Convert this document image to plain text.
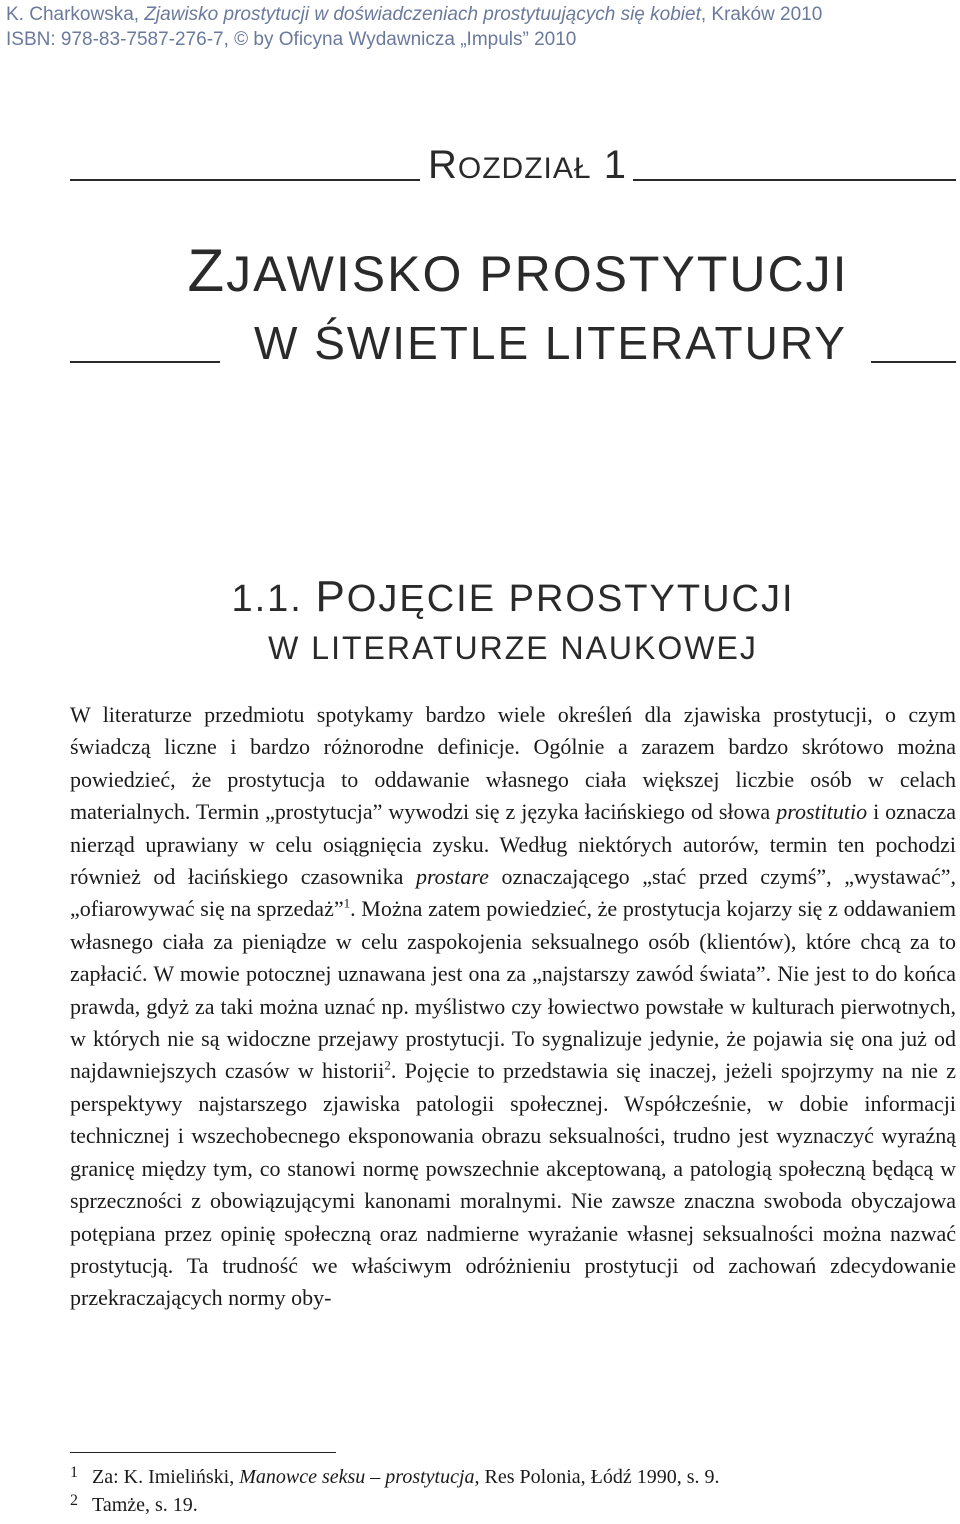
K. Charkowska, Zjawisko prostytucji w doświadczeniach prostytuujących się kobiet, Kraków 2010
ISBN: 978-83-7587-276-7, © by Oficyna Wydawnicza „Impuls” 2010
ROZDZIAŁ 1
ZJAWISKO PROSTYTUCJI
W ŚWIETLE LITERATURY
1.1. POJĘCIE PROSTYTUCJI
W LITERATURZE NAUKOWEJ

W literaturze przedmiotu spotykamy bardzo wiele określeń dla zjawiska prostytucji, o czym świadczą liczne i bardzo różnorodne definicje. Ogólnie a zarazem bardzo skrótowo można powiedzieć, że prostytucja to oddawanie własnego ciała większej liczbie osób w celach materialnych. Termin „prostytucja” wywodzi się z języka łacińskiego od słowa prostitutio i oznacza nierząd uprawiany w celu osiągnięcia zysku. Według niektórych autorów, termin ten pochodzi również od łacińskiego czasownika prostare oznaczającego „stać przed czymś”, „wystawać”, „ofiarowywać się na sprzedaż”$^1$. Można zatem powiedzieć, że prostytucja kojarzy się z oddawaniem własnego ciała za pieniądze w celu zaspokojenia seksualnego osób (klientów), które chcą za to zapłacić. W mowie potocznej uznawana jest ona za „najstarszy zawód świata”. Nie jest to do końca prawda, gdyż za taki można uznać np. myślistwo czy łowiectwo powstałe w kulturach pierwotnych, w których nie są widoczne przejawy prostytucji. To sygnalizuje jedynie, że pojawia się ona już od najdawniejszych czasów w historii$^2$. Pojęcie to przedstawia się inaczej, jeżeli spojrzymy na nie z perspektywy najstarszego zjawiska patologii społecznej. Współcześnie, w dobie informacji technicznej i wszechobecnego eksponowania obrazu seksualności, trudno jest wyznaczyć wyraźną granicę między tym, co stanowi normę powszechnie akceptowaną, a patologią społeczną będącą w sprzeczności z obowiązującymi kanonami moralnymi. Nie zawsze znaczna swoboda obyczajowa potępiana przez opinię społeczną oraz nadmierne wyrażanie własnej seksualności można nazwać prostytucją. Ta trudność we właściwym odróżnieniu prostytucji od zachowań zdecydowanie przekraczających normy oby-

1 Za: K. Imieliński, Manowce seksu – prostytucja, Res Polonia, Łódź 1990, s. 9.
2 Tamże, s. 19.
